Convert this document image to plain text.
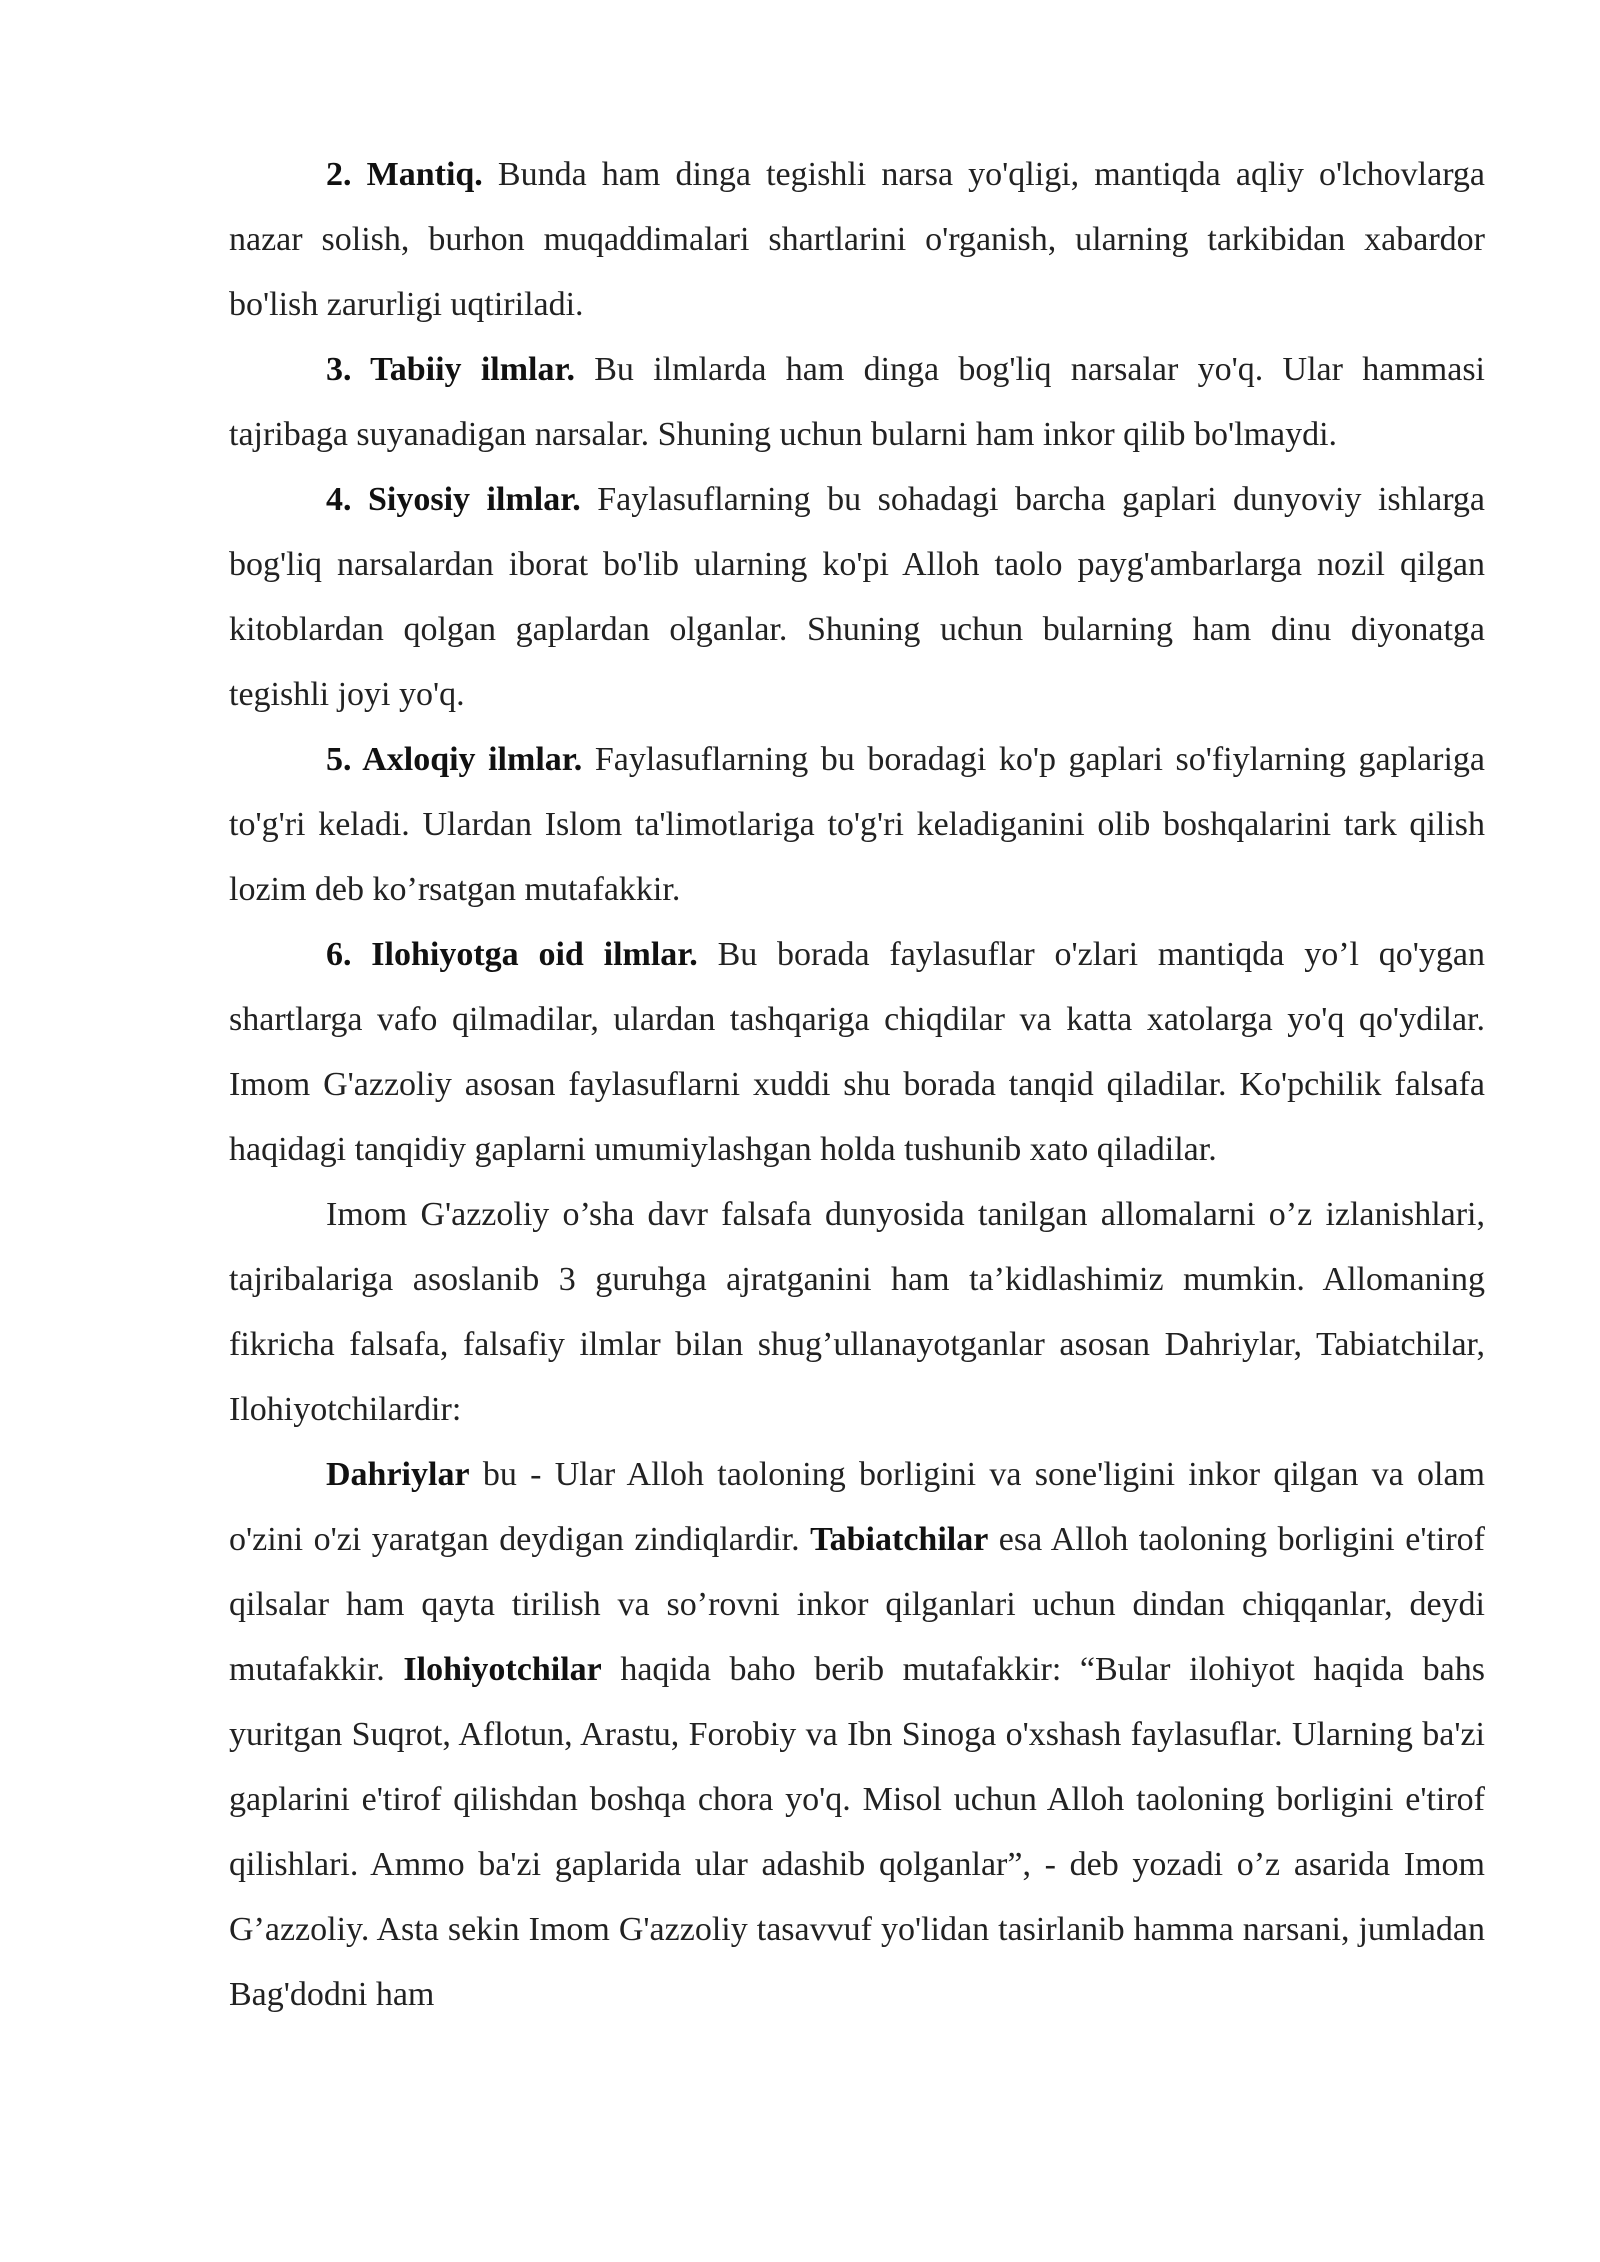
2. Mantiq. Bunda ham dinga tegishli narsa yo'qligi, mantiqda aqliy o'lchovlarga nazar solish, burhon muqaddimalari shartlarini o'rganish, ularning tarkibidan xabardor bo'lish zarurligi uqtiriladi.

3. Tabiiy ilmlar. Bu ilmlarda ham dinga bog'liq narsalar yo'q. Ular hammasi tajribaga suyanadigan narsalar. Shuning uchun bularni ham inkor qilib bo'lmaydi.

4. Siyosiy ilmlar. Faylasuflarning bu sohadagi barcha gaplari dunyoviy ishlarga bog'liq narsalardan iborat bo'lib ularning ko'pi Alloh taolo payg'ambarlarga nozil qilgan kitoblardan qolgan gaplardan olganlar. Shuning uchun bularning ham dinu diyonatga tegishli joyi yo'q.

5. Axloqiy ilmlar. Faylasuflarning bu boradagi ko'p gaplari so'fiylarning gaplariga to'g'ri keladi. Ulardan Islom ta'limotlariga to'g'ri keladiganini olib boshqalarini tark qilish lozim deb ko’rsatgan mutafakkir.

6. Ilohiyotga oid ilmlar. Bu borada faylasuflar o'zlari mantiqda yo’l qo'ygan shartlarga vafo qilmadilar, ulardan tashqariga chiqdilar va katta xatolarga yo'q qo'ydilar. Imom G'azzoliy asosan faylasuflarni xuddi shu borada tanqid qiladilar. Ko'pchilik falsafa haqidagi tanqidiy gaplarni umumiylashgan holda tushunib xato qiladilar.

Imom G'azzoliy o’sha davr falsafa dunyosida tanilgan allomalarni o’z izlanishlari, tajribalariga asoslanib 3 guruhga ajratganini ham ta’kidlashimiz mumkin. Allomaning fikricha falsafa, falsafiy ilmlar bilan shug’ullanayotganlar asosan Dahriylar, Tabiatchilar, Ilohiyotchilardir:

Dahriylar bu - Ular Alloh taoloning borligini va sone'ligini inkor qilgan va olam o'zini o'zi yaratgan deydigan zindiqlardir. Tabiatchilar esa Alloh taoloning borligini e'tirof qilsalar ham qayta tirilish va so’rovni inkor qilganlari uchun dindan chiqqanlar, deydi mutafakkir. Ilohiyotchilar haqida baho berib mutafakkir: “Bular ilohiyot haqida bahs yuritgan Suqrot, Aflotun, Arastu, Forobiy va Ibn Sinoga o'xshash faylasuflar. Ularning ba'zi gaplarini e'tirof qilishdan boshqa chora yo'q. Misol uchun Alloh taoloning borligini e'tirof qilishlari. Ammo ba'zi gaplarida ular adashib qolganlar”, - deb yozadi o’z asarida Imom G’azzoliy. Asta sekin Imom G'azzoliy tasavvuf yo'lidan tasirlanib hamma narsani, jumladan Bag'dodni ham
